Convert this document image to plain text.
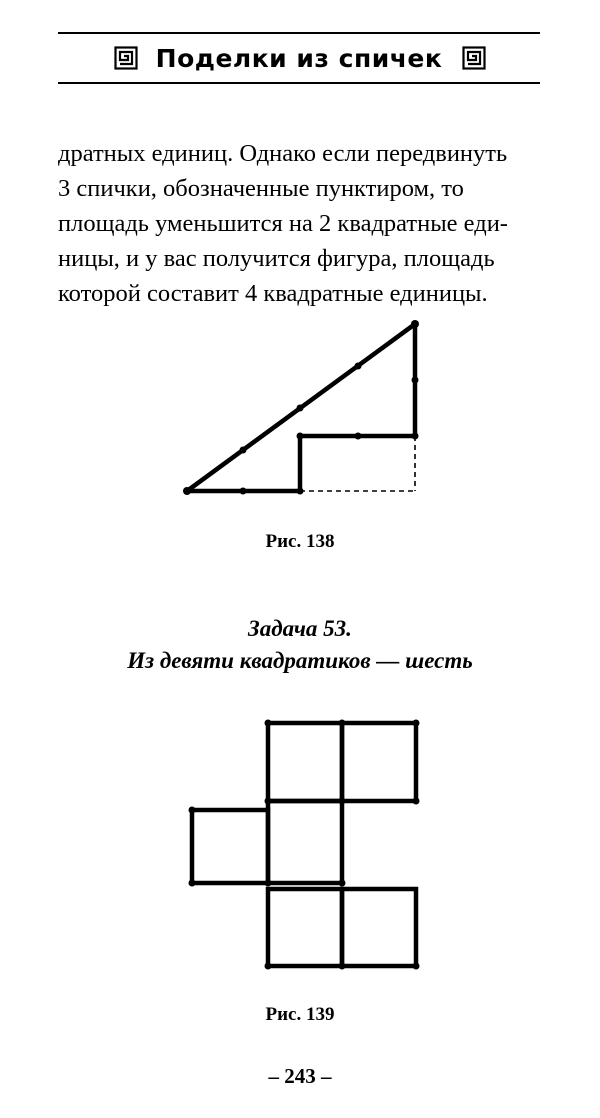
Поделки из спичек
дратных единиц. Однако если передвинуть
3 спички, обозначенные пунктиром, то
площадь уменьшится на 2 квадратные еди-
ницы, и у вас получится фигура, площадь
которой составит 4 квадратные единицы.
Рис. 138
Задача 53.
Из девяти квадратиков — шесть
Рис. 139
– 243 –
